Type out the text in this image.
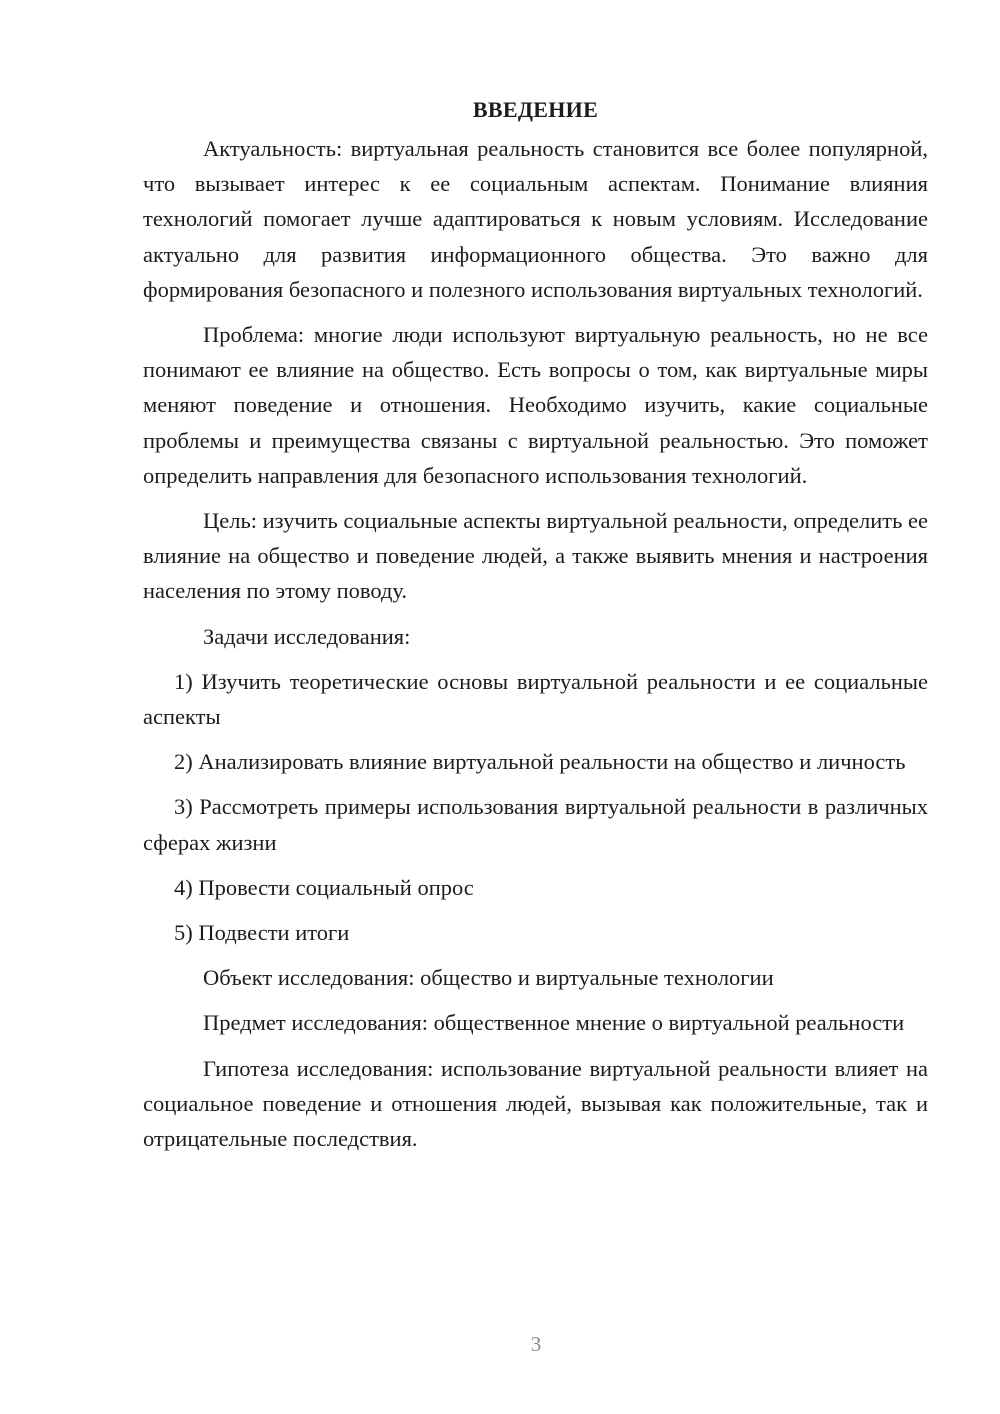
ВВЕДЕНИЕ

Актуальность: виртуальная реальность становится все более популярной, что вызывает интерес к ее социальным аспектам. Понимание влияния технологий помогает лучше адаптироваться к новым условиям. Исследование актуально для развития информационного общества. Это важно для формирования безопасного и полезного использования виртуальных технологий.

Проблема: многие люди используют виртуальную реальность, но не все понимают ее влияние на общество. Есть вопросы о том, как виртуальные миры меняют поведение и отношения. Необходимо изучить, какие социальные проблемы и преимущества связаны с виртуальной реальностью. Это поможет определить направления для безопасного использования технологий.

Цель: изучить социальные аспекты виртуальной реальности, определить ее влияние на общество и поведение людей, а также выявить мнения и настроения населения по этому поводу.

Задачи исследования:

1) Изучить теоретические основы виртуальной реальности и ее социальные аспекты

2) Анализировать влияние виртуальной реальности на общество и личность

3) Рассмотреть примеры использования виртуальной реальности в различных сферах жизни

4) Провести социальный опрос

5) Подвести итоги

Объект исследования: общество и виртуальные технологии

Предмет исследования: общественное мнение о виртуальной реальности

Гипотеза исследования: использование виртуальной реальности влияет на социальное поведение и отношения людей, вызывая как положительные, так и отрицательные последствия.

3
